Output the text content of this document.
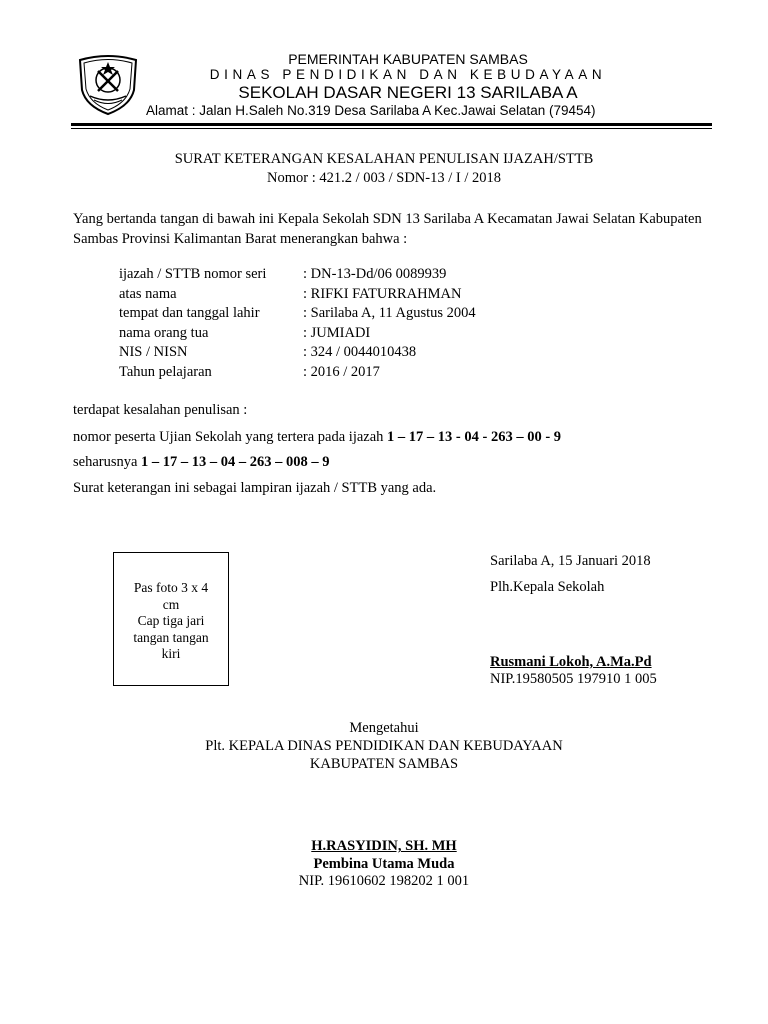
PEMERINTAH KABUPATEN SAMBAS
DINAS PENDIDIKAN DAN KEBUDAYAAN
SEKOLAH DASAR NEGERI 13 SARILABA A
Alamat : Jalan H.Saleh No.319 Desa Sarilaba A Kec.Jawai Selatan (79454)
SURAT KETERANGAN KESALAHAN PENULISAN IJAZAH/STTB
Nomor : 421.2 / 003 / SDN-13 / I / 2018
Yang bertanda tangan di bawah ini Kepala Sekolah SDN 13 Sarilaba A Kecamatan Jawai Selatan Kabupaten Sambas Provinsi Kalimantan Barat menerangkan bahwa :
ijazah / STTB nomor seri	: DN-13-Dd/06 0089939
atas nama	: RIFKI FATURRAHMAN
tempat dan tanggal lahir	: Sarilaba A, 11 Agustus 2004
nama orang tua	: JUMIADI
NIS / NISN	: 324 / 0044010438
Tahun pelajaran	: 2016 / 2017
terdapat kesalahan penulisan :
nomor peserta Ujian Sekolah yang tertera pada ijazah 1 – 17 – 13 - 04 - 263 – 00 - 9
seharusnya 1 – 17 – 13 – 04 – 263 – 008 – 9
Surat keterangan ini sebagai lampiran ijazah / STTB yang ada.
Pas foto 3 x 4
cm
Cap tiga jari
tangan tangan
kiri
Sarilaba A, 15 Januari 2018
Plh.Kepala Sekolah
Rusmani Lokoh, A.Ma.Pd
NIP.19580505 197910 1 005
Mengetahui
Plt. KEPALA DINAS PENDIDIKAN DAN KEBUDAYAAN
KABUPATEN SAMBAS
H.RASYIDIN, SH. MH
Pembina Utama Muda
NIP. 19610602 198202 1 001
